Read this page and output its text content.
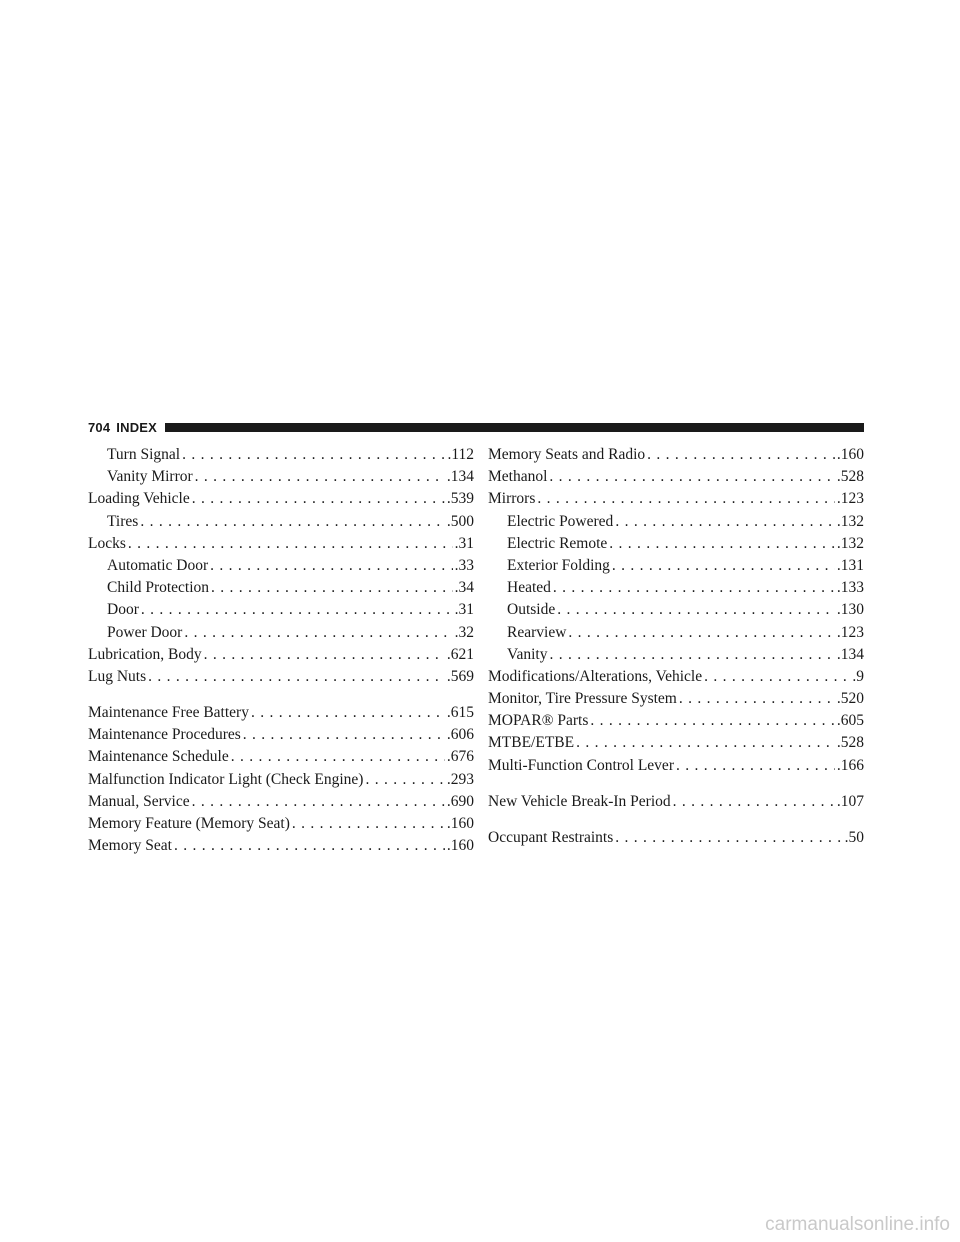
704 INDEX
Turn Signal . . .	.112
Vanity Mirror . . .	.134
Loading Vehicle . . .	.539
Tires . . .	.500
Locks . . .	.31
Automatic Door . . .	.33
Child Protection . . .	.34
Door . . .	.31
Power Door . . .	.32
Lubrication, Body . . .	.621
Lug Nuts . . .	.569
Maintenance Free Battery . . .	.615
Maintenance Procedures . . .	.606
Maintenance Schedule . . .	.676
Malfunction Indicator Light (Check Engine) . . .	.293
Manual, Service . . .	.690
Memory Feature (Memory Seat) . . .	.160
Memory Seat . . .	.160
Memory Seats and Radio . . .	.160
Methanol . . .	.528
Mirrors . . .	.123
Electric Powered . . .	.132
Electric Remote . . .	.132
Exterior Folding . . .	.131
Heated . . .	.133
Outside . . .	.130
Rearview . . .	.123
Vanity . . .	.134
Modifications/Alterations, Vehicle . . .	.9
Monitor, Tire Pressure System . . .	.520
MOPAR® Parts . . .	.605
MTBE/ETBE . . .	.528
Multi-Function Control Lever . . .	.166
New Vehicle Break-In Period . . .	.107
Occupant Restraints . . .	.50
carmanualsonline.info
